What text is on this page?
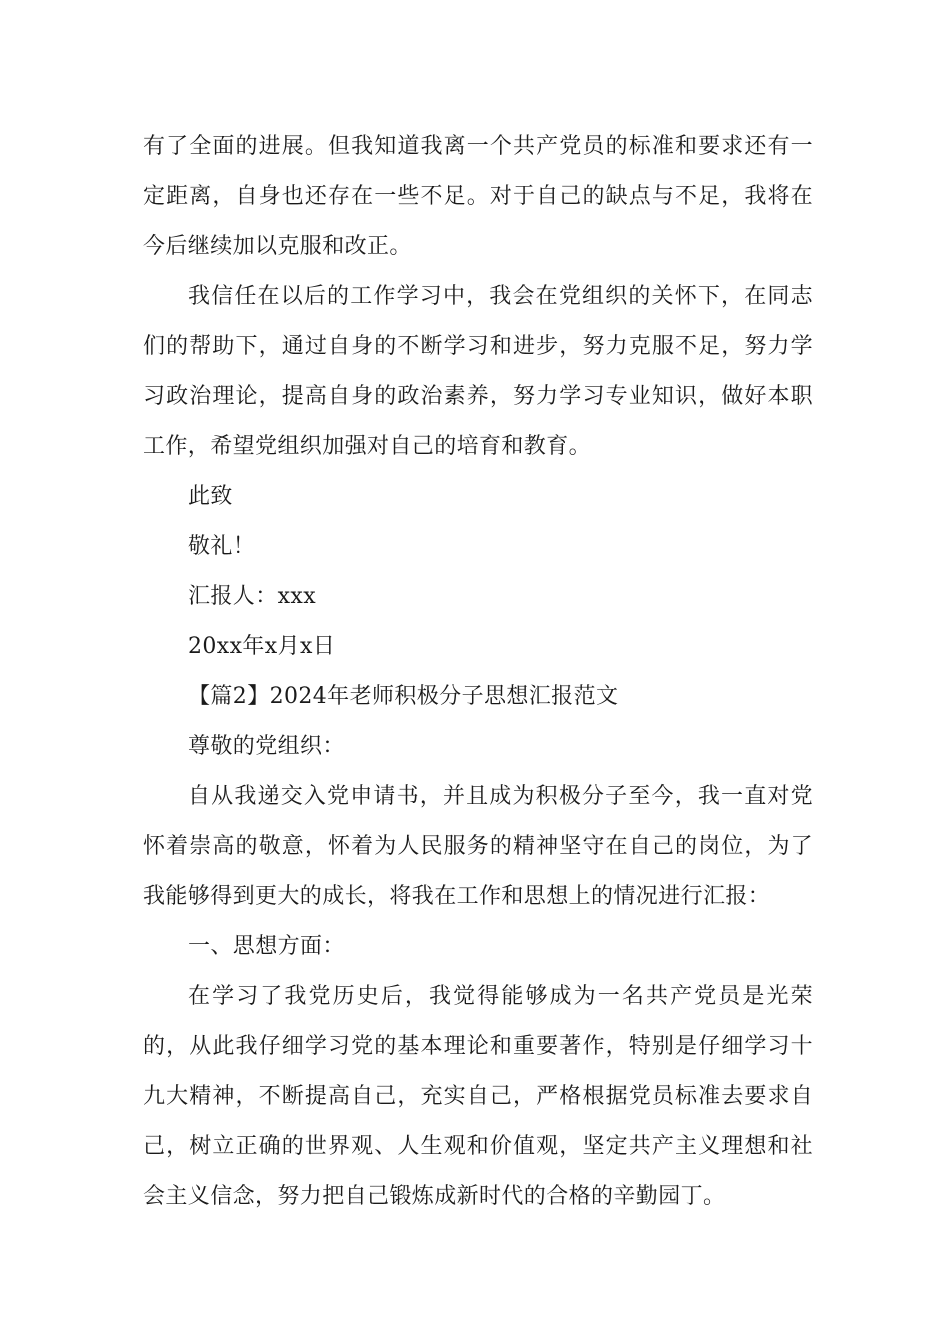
有了全面的进展。但我知道我离一个共产党员的标准和要求还有一定距离，自身也还存在一些不足。对于自己的缺点与不足，我将在今后继续加以克服和改正。

我信任在以后的工作学习中，我会在党组织的关怀下，在同志们的帮助下，通过自身的不断学习和进步，努力克服不足，努力学习政治理论，提高自身的政治素养，努力学习专业知识，做好本职工作，希望党组织加强对自己的培育和教育。

此致

敬礼！

汇报人：xxx

20xx年x月x日

【篇2】2024年老师积极分子思想汇报范文

尊敬的党组织：

自从我递交入党申请书，并且成为积极分子至今，我一直对党怀着崇高的敬意，怀着为人民服务的精神坚守在自己的岗位，为了我能够得到更大的成长，将我在工作和思想上的情况进行汇报：

一、思想方面：

在学习了我党历史后，我觉得能够成为一名共产党员是光荣的，从此我仔细学习党的基本理论和重要著作，特别是仔细学习十九大精神，不断提高自己，充实自己，严格根据党员标准去要求自己，树立正确的世界观、人生观和价值观，坚定共产主义理想和社会主义信念，努力把自己锻炼成新时代的合格的辛勤园丁。
